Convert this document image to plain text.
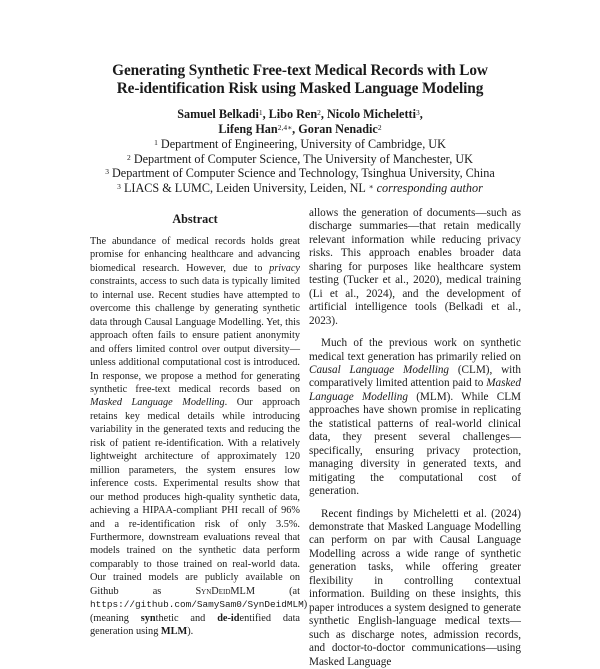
Generating Synthetic Free-text Medical Records with Low
Re-identification Risk using Masked Language Modeling
Samuel Belkadi$^1$, Libo Ren$^2$, Nicolo Micheletti$^3$,
Lifeng Han$^{2,4∗}$, Goran Nenadic$^2$
$^1$ Department of Engineering, University of Cambridge, UK
$^2$ Department of Computer Science, The University of Manchester, UK
$^3$ Department of Computer Science and Technology, Tsinghua University, China
$^3$ LIACS & LUMC, Leiden University, Leiden, NL ∗ corresponding author
Abstract

The abundance of medical records holds great promise for enhancing healthcare and advancing biomedical research. However, due to privacy constraints, access to such data is typically limited to internal use. Recent studies have attempted to overcome this challenge by generating synthetic data through Causal Language Modelling. Yet, this approach often fails to ensure patient anonymity and offers limited control over output diversity—unless additional computational cost is introduced. In response, we propose a method for generating synthetic free-text medical records based on Masked Language Modelling. Our approach retains key medical details while introducing variability in the generated texts and reducing the risk of patient re-identification. With a relatively lightweight architecture of approximately 120 million parameters, the system ensures low inference costs. Experimental results show that our method produces high-quality synthetic data, achieving a HIPAA-compliant PHI recall of 96% and a re-identification risk of only 3.5%. Furthermore, downstream evaluations reveal that models trained on the synthetic data perform comparably to those trained on real-world data. Our trained models are publicly available on Github as SynDeidMLM (at https://github.com/SamySam0/SynDeidMLM) (meaning synthetic and de-identified data generation using MLM).

allows the generation of documents—such as discharge summaries—that retain medically relevant information while reducing privacy risks. This approach enables broader data sharing for purposes like healthcare system testing (Tucker et al., 2020), medical training (Li et al., 2024), and the development of artificial intelligence tools (Belkadi et al., 2023).

Much of the previous work on synthetic medical text generation has primarily relied on Causal Language Modelling (CLM), with comparatively limited attention paid to Masked Language Modelling (MLM). While CLM approaches have shown promise in replicating the statistical patterns of real-world clinical data, they present several challenges—specifically, ensuring privacy protection, managing diversity in generated texts, and mitigating the computational cost of generation.

Recent findings by Micheletti et al. (2024) demonstrate that Masked Language Modelling can perform on par with Causal Language Modelling across a wide range of synthetic generation tasks, while offering greater flexibility in controlling contextual information. Building on these insights, this paper introduces a system designed to generate synthetic English-language medical texts—such as discharge notes, admission records, and doctor-to-doctor communications—using Masked Language
